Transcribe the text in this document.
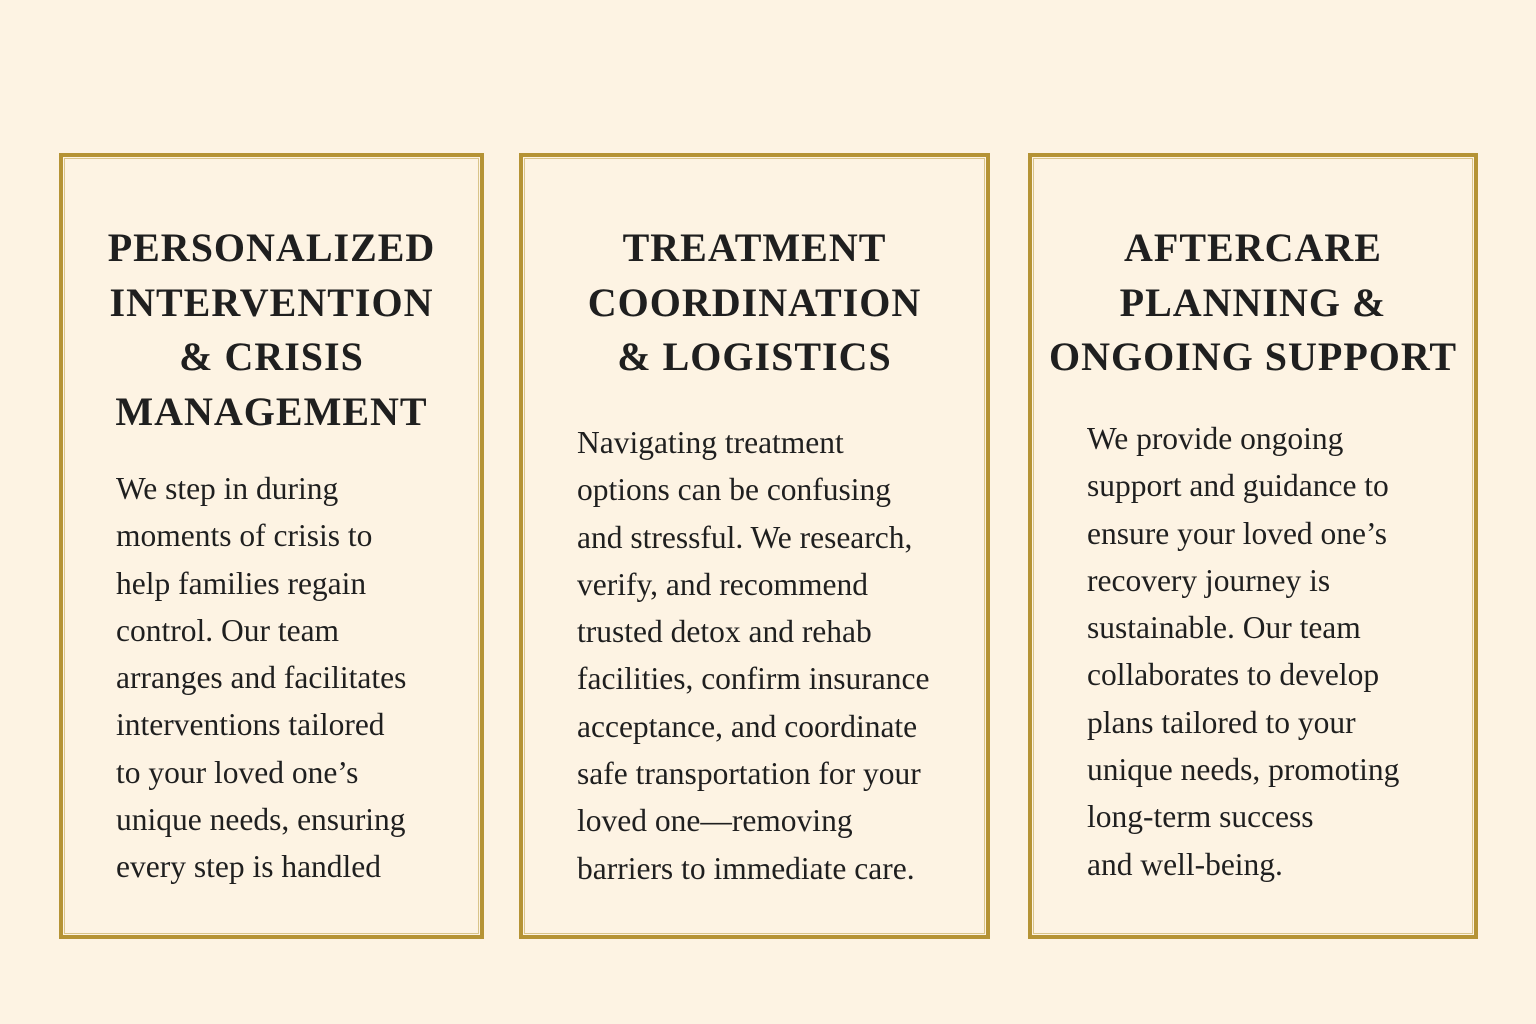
PERSONALIZED
INTERVENTION
& CRISIS
MANAGEMENT

We step in during
moments of crisis to
help families regain
control. Our team
arranges and facilitates
interventions tailored
to your loved one’s
unique needs, ensuring
every step is handled

TREATMENT
COORDINATION
& LOGISTICS

Navigating treatment
options can be confusing
and stressful. We research,
verify, and recommend
trusted detox and rehab
facilities, confirm insurance
acceptance, and coordinate
safe transportation for your
loved one—removing
barriers to immediate care.

AFTERCARE
PLANNING &
ONGOING SUPPORT

We provide ongoing
support and guidance to
ensure your loved one’s
recovery journey is
sustainable. Our team
collaborates to develop
plans tailored to your
unique needs, promoting
long-term success
and well-being.
